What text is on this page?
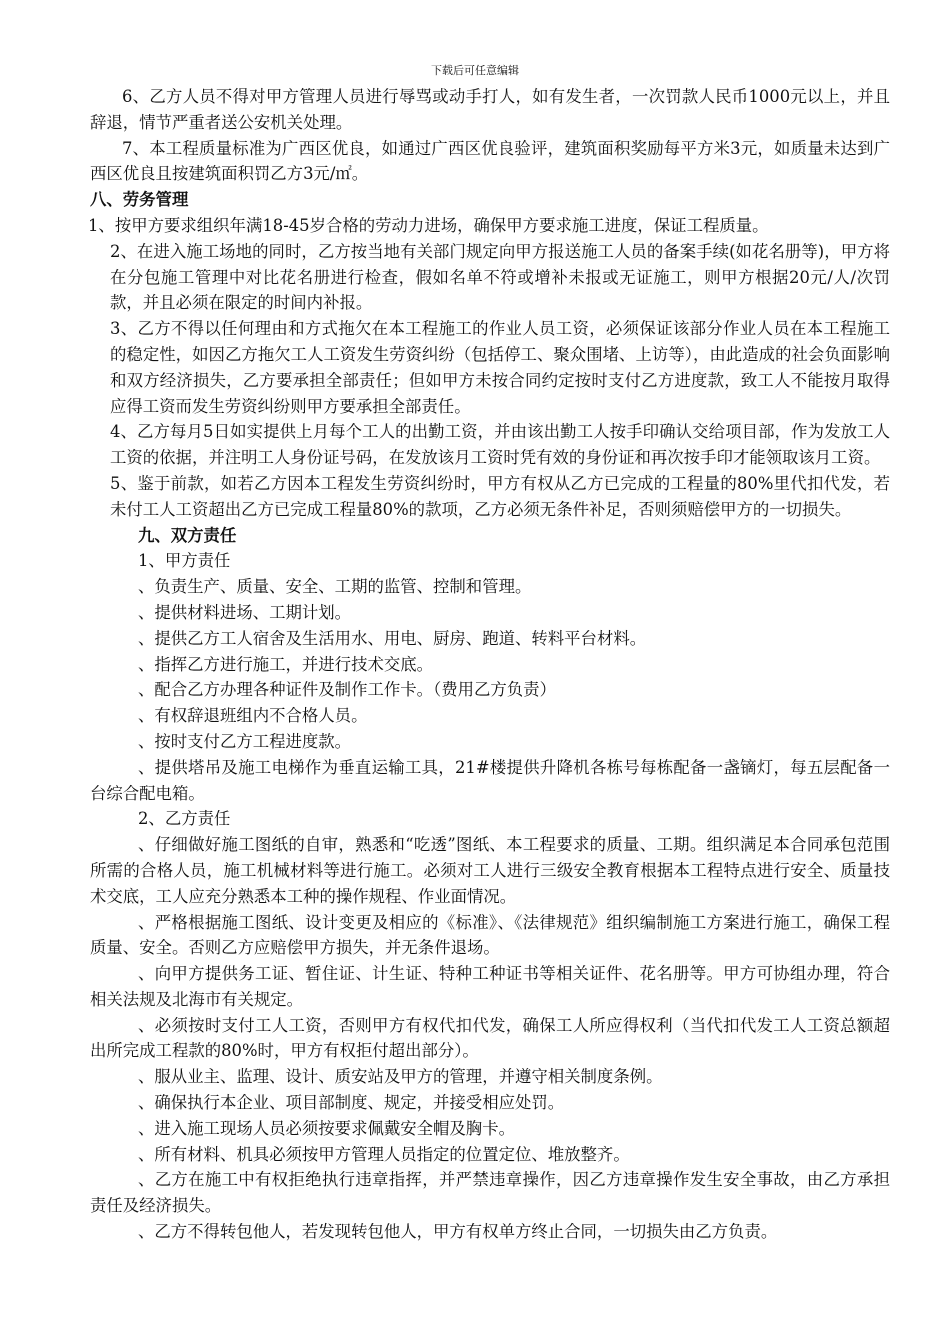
下载后可任意编辑

6、乙方人员不得对甲方管理人员进行辱骂或动手打人，如有发生者，一次罚款人民币1000元以上，并且辞退，情节严重者送公安机关处理。

7、本工程质量标准为广西区优良，如通过广西区优良验评，建筑面积奖励每平方米3元，如质量未达到广西区优良且按建筑面积罚乙方3元/㎡。

八、劳务管理

1、按甲方要求组织年满18-45岁合格的劳动力进场，确保甲方要求施工进度，保证工程质量。

2、在进入施工场地的同时，乙方按当地有关部门规定向甲方报送施工人员的备案手续(如花名册等)，甲方将在分包施工管理中对比花名册进行检查，假如名单不符或增补未报或无证施工，则甲方根据20元/人/次罚款，并且必须在限定的时间内补报。

3、乙方不得以任何理由和方式拖欠在本工程施工的作业人员工资，必须保证该部分作业人员在本工程施工的稳定性，如因乙方拖欠工人工资发生劳资纠纷（包括停工、聚众围堵、上访等），由此造成的社会负面影响和双方经济损失，乙方要承担全部责任；但如甲方未按合同约定按时支付乙方进度款，致工人不能按月取得应得工资而发生劳资纠纷则甲方要承担全部责任。

4、乙方每月5日如实提供上月每个工人的出勤工资，并由该出勤工人按手印确认交给项目部，作为发放工人工资的依据，并注明工人身份证号码，在发放该月工资时凭有效的身份证和再次按手印才能领取该月工资。

5、鉴于前款，如若乙方因本工程发生劳资纠纷时，甲方有权从乙方已完成的工程量的80%里代扣代发，若未付工人工资超出乙方已完成工程量80%的款项，乙方必须无条件补足，否则须赔偿甲方的一切损失。

九、双方责任

1、甲方责任

、负责生产、质量、安全、工期的监管、控制和管理。

、提供材料进场、工期计划。

、提供乙方工人宿舍及生活用水、用电、厨房、跑道、转料平台材料。

、指挥乙方进行施工，并进行技术交底。

、配合乙方办理各种证件及制作工作卡。（费用乙方负责）

、有权辞退班组内不合格人员。

、按时支付乙方工程进度款。

、提供塔吊及施工电梯作为垂直运输工具，21#楼提供升降机各栋号每栋配备一盏镝灯，每五层配备一台综合配电箱。

2、乙方责任

、仔细做好施工图纸的自审，熟悉和“吃透”图纸、本工程要求的质量、工期。组织满足本合同承包范围所需的合格人员，施工机械材料等进行施工。必须对工人进行三级安全教育根据本工程特点进行安全、质量技术交底，工人应充分熟悉本工种的操作规程、作业面情况。

、严格根据施工图纸、设计变更及相应的《标准》、《法律规范》组织编制施工方案进行施工，确保工程质量、安全。否则乙方应赔偿甲方损失，并无条件退场。

、向甲方提供务工证、暂住证、计生证、特种工种证书等相关证件、花名册等。甲方可协组办理，符合相关法规及北海市有关规定。

、必须按时支付工人工资，否则甲方有权代扣代发，确保工人所应得权利（当代扣代发工人工资总额超出所完成工程款的80%时，甲方有权拒付超出部分）。

、服从业主、监理、设计、质安站及甲方的管理，并遵守相关制度条例。

、确保执行本企业、项目部制度、规定，并接受相应处罚。

、进入施工现场人员必须按要求佩戴安全帽及胸卡。

、所有材料、机具必须按甲方管理人员指定的位置定位、堆放整齐。

、乙方在施工中有权拒绝执行违章指挥，并严禁违章操作，因乙方违章操作发生安全事故，由乙方承担责任及经济损失。

、乙方不得转包他人，若发现转包他人，甲方有权单方终止合同，一切损失由乙方负责。
